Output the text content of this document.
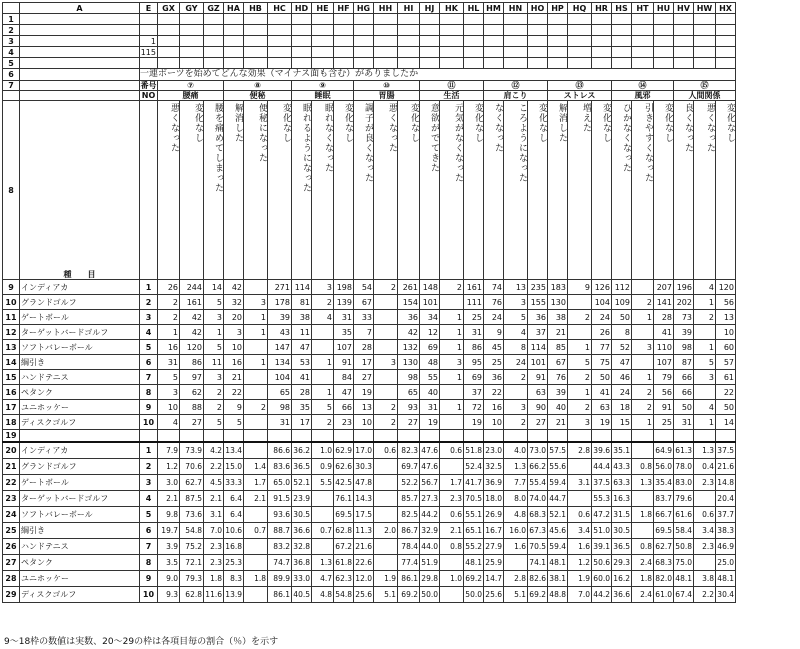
	A	E	GX	GY	GZ	HA	HB	HC	HD	HE	HF	HG	HH	HI	HJ	HK	HL	HM	HN	HO	HP	HQ	HR	HS	HT	HU	HV	HW	HX
1																													
2																													
3		1																											
4		115																											
5																													
6		一連ボーツを始めてどんな効果（マイナス面も含む）がありましたか																											
7		番号	⑦			⑧			⑨			⑩			⑪			⑫			⑬			⑭			⑮		
		NO	腰痛			便秘			睡眠			胃腸			生活			肩こり			ストレス			風邪			人間関係		
8	種　　目		悪くなった	変化なし	腰を痛めてしまった	解消した	便秘になった	変化なし	眠れるようになった	眠れなくなった	変化なし	調子が良くなった	悪くなった	変化なし	意欲がでてきた	元気がなくなった	変化なし	なくなった	ころようになった	変化なし	解消した	増えた	変化なし	ひかなくなった	引きやすくなった	変化なし	良くなった	悪くなった	変化なし
9	インディアカ	1	26	244	14	42		271	114	3	198	54	2	261	148	2	161	74	13	235	183	9	126	112		207	196	4	120
10	グランドゴルフ	2	2	161	5	32	3	178	81	2	139	67		154	101		111	76	3	155	130		104	109	2	141	202	1	56
11	ゲートボール	3	2	42	3	20	1	39	38	4	31	33		36	34	1	25	24	5	36	38	2	24	50	1	28	73	2	13
12	ターゲットバードゴルフ	4	1	42	1	3	1	43	11		35	7		42	12	1	31	9	4	37	21		26	8		41	39		10
13	ソフトバレーボール	5	16	120	5	10		147	47		107	28		132	69	1	86	45	8	114	85	1	77	52	3	110	98	1	60
14	綱引き	6	31	86	11	16	1	134	53	1	91	17	3	130	48	3	95	25	24	101	67	5	75	47		107	87	5	57
15	ハンドテニス	7	5	97	3	21		104	41		84	27		98	55	1	69	36	2	91	76	2	50	46	1	79	66	3	61
16	ペタンク	8	3	62	2	22		65	28	1	47	19		65	40		37	22		63	39	1	41	24	2	56	66		22
17	ユニホッケー	9	10	88	2	9	2	98	35	5	66	13	2	93	31	1	72	16	3	90	40	2	63	18	2	91	50	4	50
18	ディスクゴルフ	10	4	27	5	5		31	17	2	23	10	2	27	19		19	10	2	27	21	3	19	15	1	25	31	1	14
19																													
20	インディアカ	1	7.9	73.9	4.2	13.4		86.6	36.2	1.0	62.9	17.0	0.6	82.3	47.6	0.6	51.8	23.0	4.0	73.0	57.5	2.8	39.6	35.1		64.9	61.3	1.3	37.5
21	グランドゴルフ	2	1.2	70.6	2.2	15.0	1.4	83.6	36.5	0.9	62.6	30.3		69.7	47.6		52.4	32.5	1.3	66.2	55.6		44.4	43.3	0.8	56.0	78.0	0.4	21.6
22	ゲートボール	3	3.0	62.7	4.5	33.3	1.7	65.0	52.1	5.5	42.5	47.8		52.2	56.7	1.7	41.7	36.9	7.7	55.4	59.4	3.1	37.5	63.3	1.3	35.4	83.0	2.3	14.8
23	ターゲットバードゴルフ	4	2.1	87.5	2.1	6.4	2.1	91.5	23.9		76.1	14.3		85.7	27.3	2.3	70.5	18.0	8.0	74.0	44.7		55.3	16.3		83.7	79.6		20.4
24	ソフトバレーボール	5	9.8	73.6	3.1	6.4		93.6	30.5		69.5	17.5		82.5	44.2	0.6	55.1	26.9	4.8	68.3	52.1	0.6	47.2	31.5	1.8	66.7	61.6	0.6	37.7
25	綱引き	6	19.7	54.8	7.0	10.6	0.7	88.7	36.6	0.7	62.8	11.3	2.0	86.7	32.9	2.1	65.1	16.7	16.0	67.3	45.6	3.4	51.0	30.5		69.5	58.4	3.4	38.3
26	ハンドテニス	7	3.9	75.2	2.3	16.8		83.2	32.8		67.2	21.6		78.4	44.0	0.8	55.2	27.9	1.6	70.5	59.4	1.6	39.1	36.5	0.8	62.7	50.8	2.3	46.9
27	ペタンク	8	3.5	72.1	2.3	25.3		74.7	36.8	1.3	61.8	22.6		77.4	51.9		48.1	25.9		74.1	48.1	1.2	50.6	29.3	2.4	68.3	75.0		25.0
28	ユニホッケー	9	9.0	79.3	1.8	8.3	1.8	89.9	33.0	4.7	62.3	12.0	1.9	86.1	29.8	1.0	69.2	14.7	2.8	82.6	38.1	1.9	60.0	16.2	1.8	82.0	48.1	3.8	48.1
29	ディスクゴルフ	10	9.3	62.8	11.6	13.9		86.1	40.5	4.8	54.8	25.6	5.1	69.2	50.0		50.0	25.6	5.1	69.2	48.8	7.0	44.2	36.6	2.4	61.0	67.4	2.2	30.4
9～18枠の数値は実数、20～29の枠は各項目毎の割合（％）を示す
